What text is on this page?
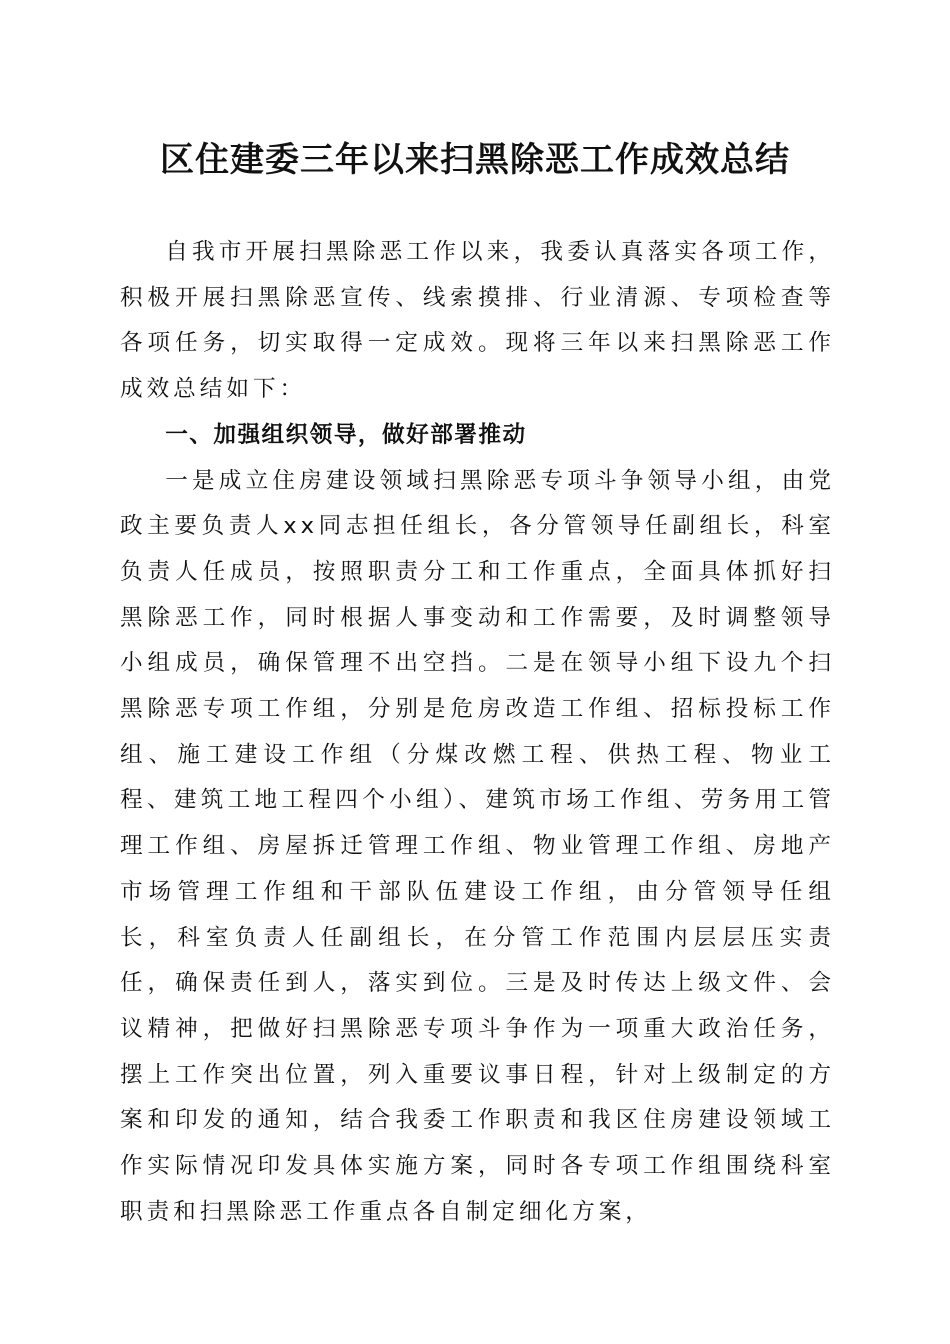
区住建委三年以来扫黑除恶工作成效总结

自我市开展扫黑除恶工作以来，我委认真落实各项工作，积极开展扫黑除恶宣传、线索摸排、行业清源、专项检查等各项任务，切实取得一定成效。现将三年以来扫黑除恶工作成效总结如下：

一、加强组织领导，做好部署推动

一是成立住房建设领域扫黑除恶专项斗争领导小组，由党政主要负责人xx同志担任组长，各分管领导任副组长，科室负责人任成员，按照职责分工和工作重点，全面具体抓好扫黑除恶工作，同时根据人事变动和工作需要，及时调整领导小组成员，确保管理不出空挡。二是在领导小组下设九个扫黑除恶专项工作组，分别是危房改造工作组、招标投标工作组、施工建设工作组（分煤改燃工程、供热工程、物业工程、建筑工地工程四个小组）、建筑市场工作组、劳务用工管理工作组、房屋拆迁管理工作组、物业管理工作组、房地产市场管理工作组和干部队伍建设工作组，由分管领导任组长，科室负责人任副组长，在分管工作范围内层层压实责任，确保责任到人，落实到位。三是及时传达上级文件、会议精神，把做好扫黑除恶专项斗争作为一项重大政治任务，摆上工作突出位置，列入重要议事日程，针对上级制定的方案和印发的通知，结合我委工作职责和我区住房建设领域工作实际情况印发具体实施方案，同时各专项工作组围绕科室职责和扫黑除恶工作重点各自制定细化方案，
